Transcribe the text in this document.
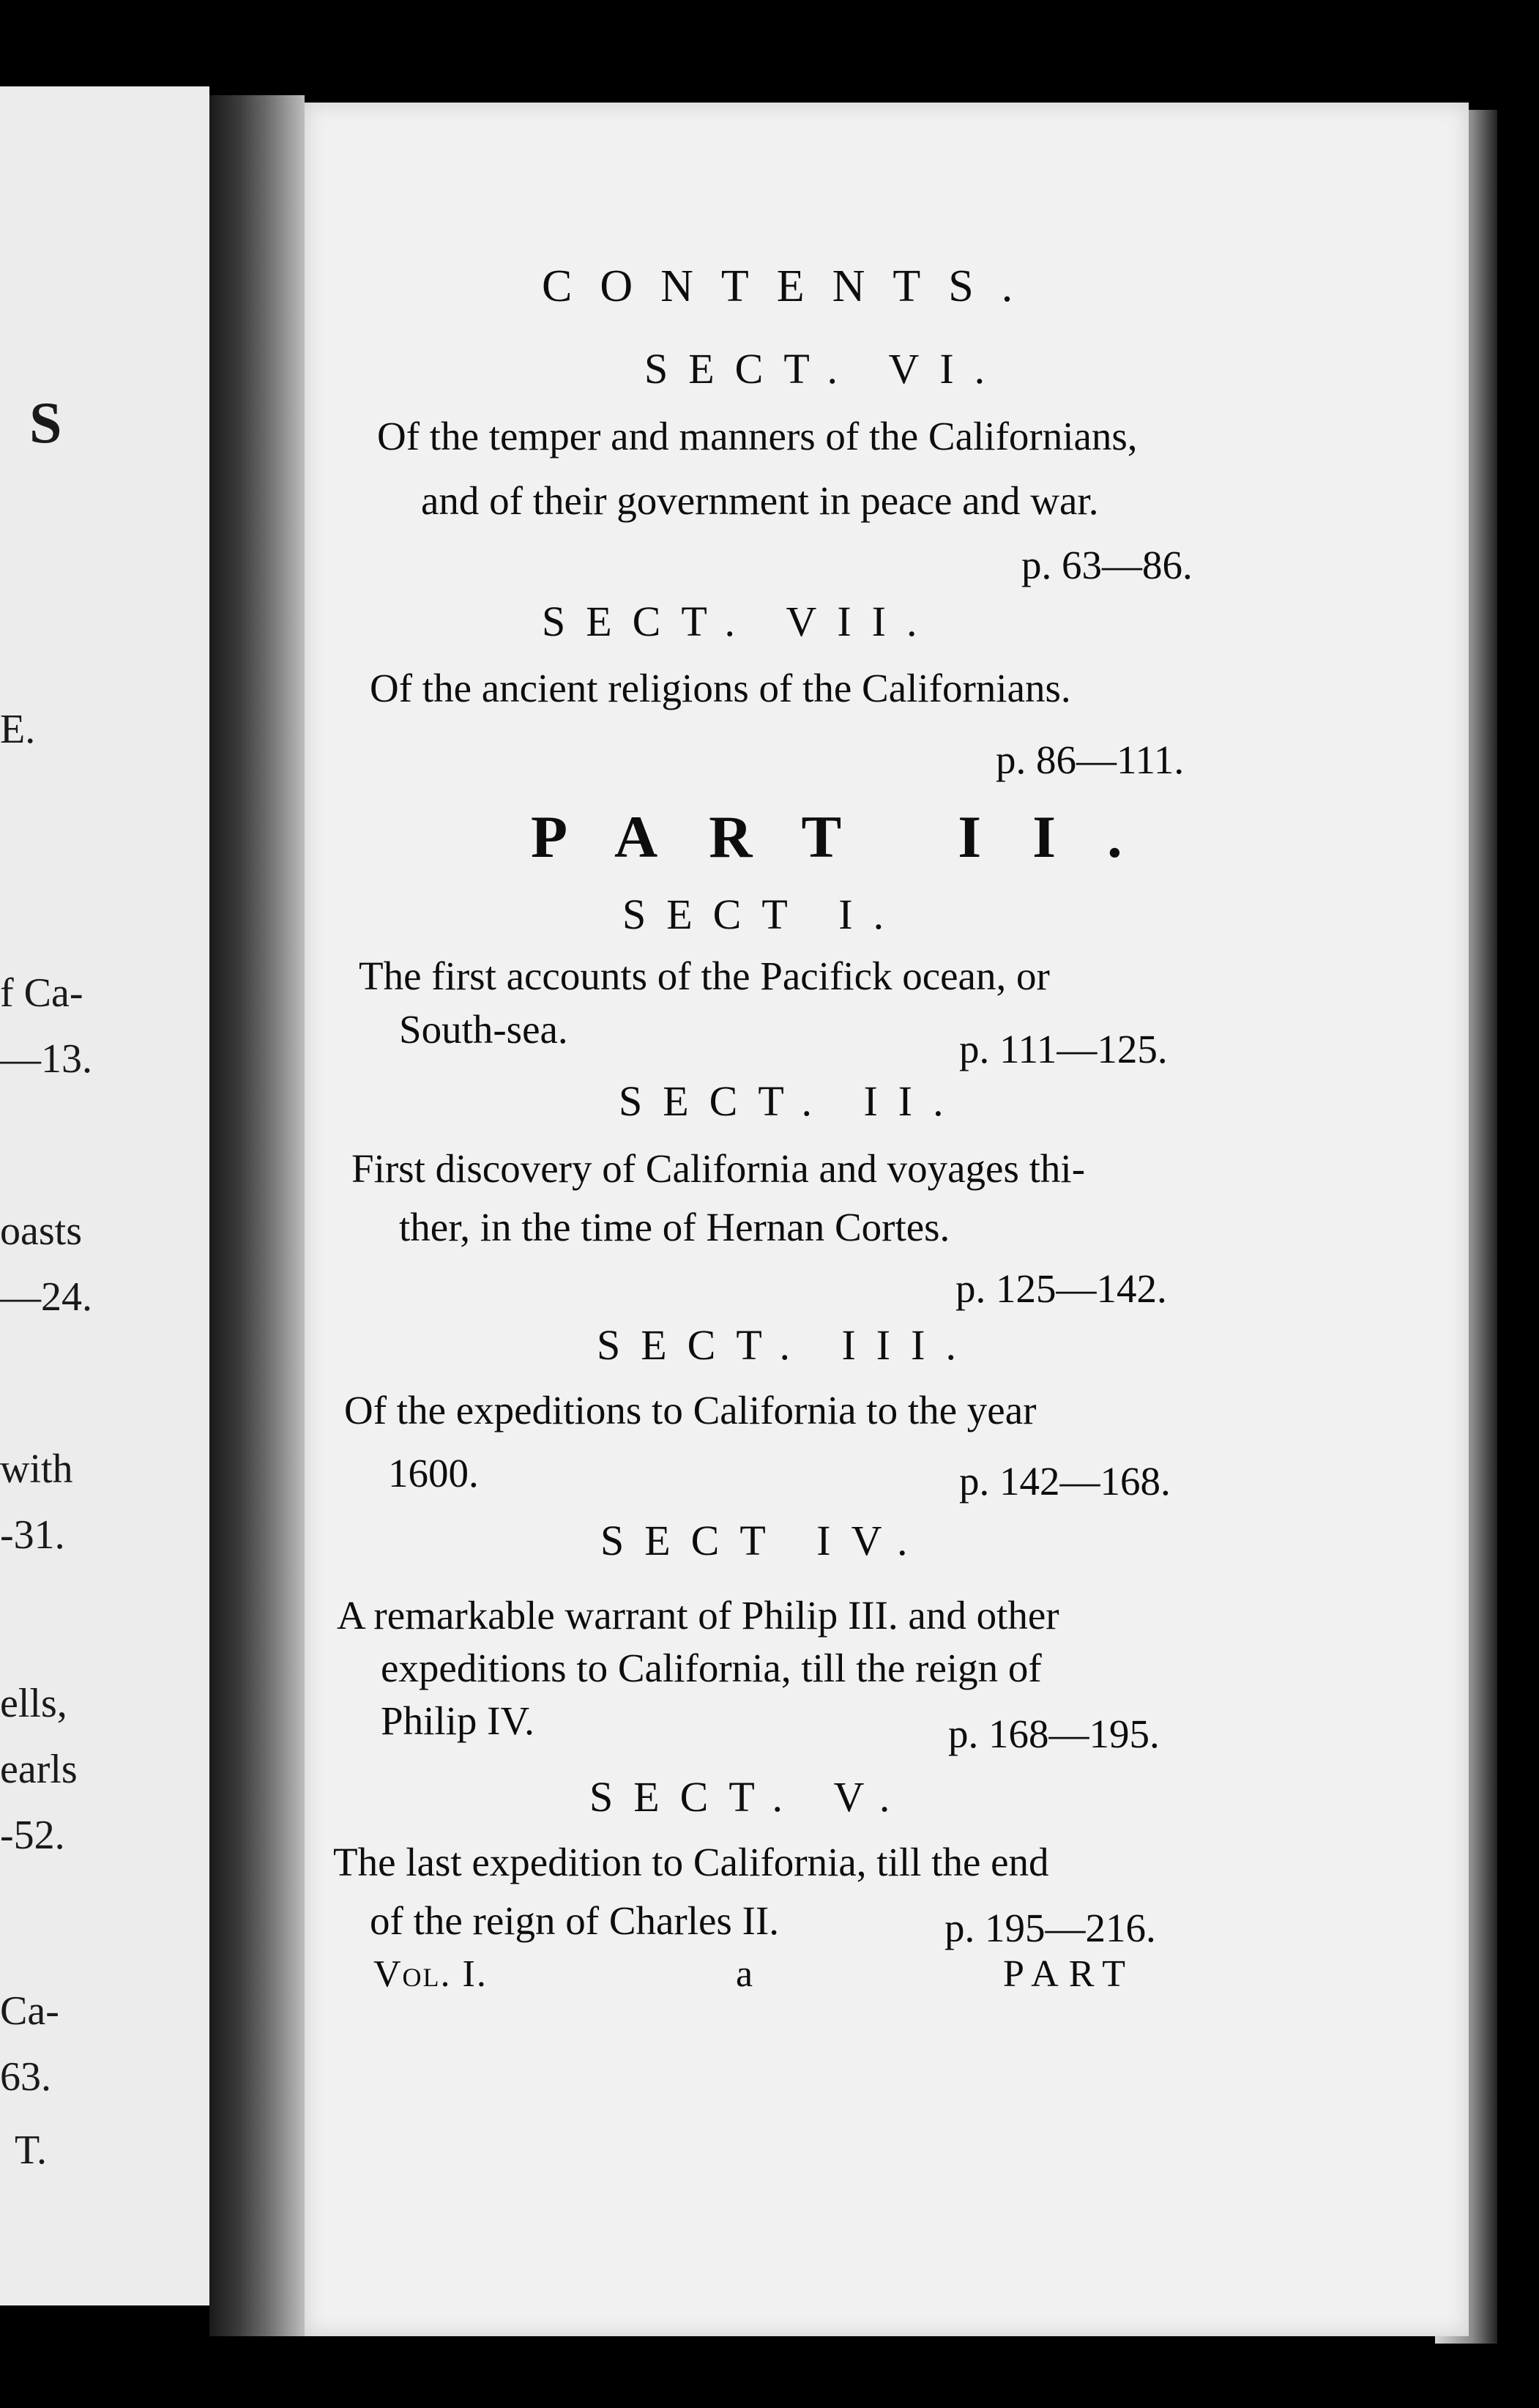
S
E.
f Ca-
—13.
oasts
—24.
with
-31.
ells,
earls
-52.
Ca-
63.
T.
CONTENTS.
SECT. VI.
Of the temper and manners of the Californians,
and of their government in peace and war.
p. 63—86.
SECT. VII.
Of the ancient religions of the Californians.
p. 86—111.
PART II.
SECT I.
The first accounts of the Pacifick ocean, or
South-sea.	p. 111—125.
SECT. II.
First discovery of California and voyages thi-
ther, in the time of Hernan Cortes.
p. 125—142.
SECT. III.
Of the expeditions to California to the year
1600.	p. 142—168.
SECT IV.
A remarkable warrant of Philip III. and other
expeditions to California, till the reign of
Philip IV.	p. 168—195.
SECT. V.
The last expedition to California, till the end
of the reign of Charles II.	p. 195—216.
Vol. I.	a	PART
